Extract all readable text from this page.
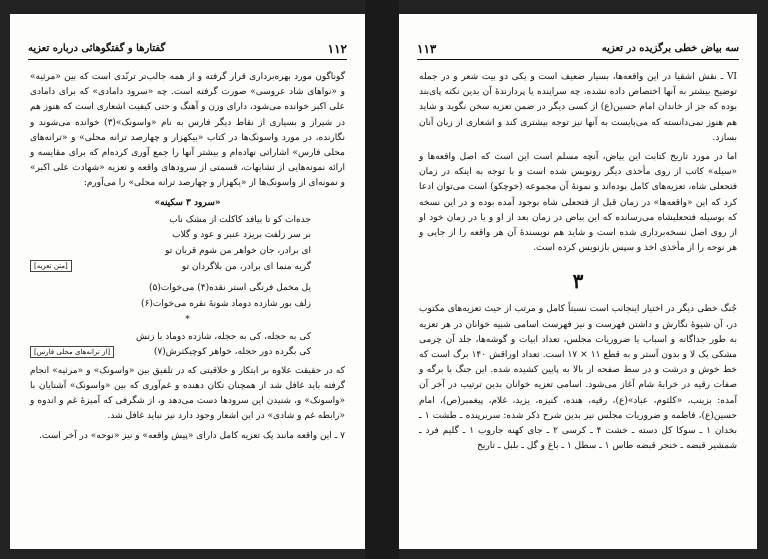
۱۱۲
گفتارها و گفتگوهائی درباره تعزیه

گوناگون مورد بهره‌برداری قرار گرفته و از همه جالب‌تر ترنّدی است که بین «مرثیه» و «نواهای شاد عروسی» صورت گرفته است. چه «سرود دامادی» که برای دامادی علی اکبر خوانده می‌شود، دارای وزن و آهنگ و حتی کیفیت اشعاری است که هنوز هم در شیراز و بسیاری از نقاط دیگر فارس به نام «واسونک»(۳) خوانده می‌شوند و نگارنده، در مورد واسونک‌ها در کتاب «بیکهزار و چهارصد ترانه محلی» و «ترانه‌های محلی فارس» اشاراتی نهاده‌ام و بیشتر آنها را جمع آوری کرده‌ام که برای مقایسه و ارائه نمونه‌هایی از تشابهات، قسمتی از سرودهای واقعه و تعزیه «شهادت علی اکبر» و نمونه‌ای از واسونک‌ها از «یکهزار و چهارصد ترانه محلی» را می‌آورم:

«سرود ۳ سکینه»
جده‌ات کو تا بیافد کاکلت از مشک ناب
بر سر زلفت بریزد عنبر و عود و گلاب
ای برادر، جان خواهر من شوم قربان تو
گریه منما ای برادر، من بلاگردان تو
[متن تعزیه]
یل مخمل فرنگی استر نقده(۴) می‌خوات(۵)
زلف بور شازده دوماد شونهٔ نقره می‌خوات(۶)
*
کی به حجله، کی به حجله، شازده دوماد با زنش
کی بگرده دور حجله، خواهر کوچیکترش(۷)
[از ترانه‌های محلی فارس]

که در حقیقت علاوه بر ابتکار و خلاقیتی که در تلفیق بین «واسونک» و «مرثیه» انجام گرفته باید غافل شد از همچنان تکان دهنده و غم‌آوری که بین «واسونک» آشنایان با «واسونک» و، شنیدن این سرودها دست می‌دهد و، از شگرفی که آمیزهٔ غم و اندوه و «رابطه غم و شادی» در این اشعار وجود دارد نیز نباید غافل شد.

۷ ـ این واقعه مانند یک تعزیه کامل دارای «پیش واقعه» و نیز «نوحه» در آخر است.

۱۱۳	سه بیاض خطی برگزیده در تعزیه

VI ـ نقش اشقیا در این واقعه‌ها، بسیار ضعیف است و یکی دو بیت شعر و در جمله توضیح بیشتر به آنها اختصاص داده نشده، چه سراینده یا پردازندهٔ آن بدین نکته پای‌بند بوده که جز از خاندان امام حسین(ع) از کسی دیگر در ضمن تعزیه سخن نگوید و شاید هم هنوز نمی‌دانسته که می‌بایست به آنها نیز توجه بیشتری کند و اشعاری از زبان آنان بسازد.

اما در مورد تاریخ کتابت این بیاض، آنچه مسلم است این است که اصل واقعه‌ها و «سیله» کاتب از روی مأخذی دیگر رونویس شده است و با توجه به اینکه در زمان فتحعلی شاه، تعزیه‌های کامل بوده‌اند و نمونهٔ آن مجموعه (خوچکو) است می‌توان ادعا کرد که این «واقعه‌ها» در زمان قبل از فتحعلی شاه بوجود آمده بوده و در این نسخه که بوسیله فتحعلیشاه می‌رسانده که این بیاض در زمان بعد از او و یا در زمان خود او از روی اصل نسخه‌برداری شده است و شاید هم نویسندهٔ آن هر واقعه را از جایی و هر نوحه را از مأخذی اخذ و سپس بازنویس کرده است.

۳

جُنگ خطی دیگر در اختیار اینجانب است نسبتاً کامل و مرتب از حیث تعزیه‌های مکتوب در، آن شیوهٔ نگارش و داشتن فهرست و نیز فهرست اسامی شبیه خوانان در هر تعزیه به طور جداگانه و اسباب یا ضروریات مجلس، تعداد ابیات و گوشه‌ها، جلد آن چرمی مشکی یک لا و بدون آستر و به قطع ۱۱ × ۱۷ است. تعداد اوراقش ۱۴۰ برگ است که خط خوش و درشت و در سط صفحه از بالا به پایین کشیده شده. این جنگ با برگه و صفات رقیه در خرابهٔ شام آغاز می‌شود. اسامی تعزیه خوانان بدین ترتیب در آخر آن آمده: بزینب، «کلثوم، عباد»(ع)، رقیه، هنده، کنیزه، یزید، غلام، پیغمبر(ص)، امام حسین(ع)، فاطمه و ضروریات مجلس نیز بدین شرح ذکر شده: سریرپنده ـ طشت ۱ ـ بخدان ۱ ـ سوکا کل دسته ـ خشت ۴ ـ کرسی ۲ ـ جای کهنه جاروب ۱ ـ گلیم فرد ـ شمشیر قبضه ـ خنجر قبضه طاس ۱ ـ سطل ۱ ـ باغ و گل ـ بلبل ـ تاریخ
